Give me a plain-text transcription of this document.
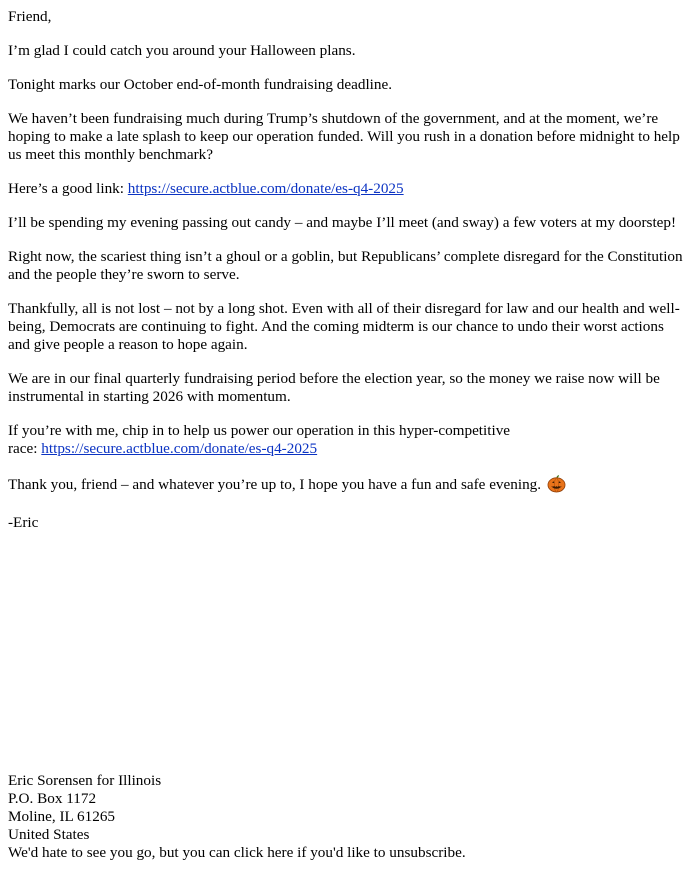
Friend,

I’m glad I could catch you around your Halloween plans.

Tonight marks our October end-of-month fundraising deadline.

We haven’t been fundraising much during Trump’s shutdown of the government, and at the moment, we’re hoping to make a late splash to keep our operation funded. Will you rush in a donation before midnight to help us meet this monthly benchmark?

Here’s a good link: https://secure.actblue.com/donate/es-q4-2025

I’ll be spending my evening passing out candy – and maybe I’ll meet (and sway) a few voters at my doorstep!

Right now, the scariest thing isn’t a ghoul or a goblin, but Republicans’ complete disregard for the Constitution and the people they’re sworn to serve.

Thankfully, all is not lost – not by a long shot. Even with all of their disregard for law and our health and well-being, Democrats are continuing to fight. And the coming midterm is our chance to undo their worst actions and give people a reason to hope again.

We are in our final quarterly fundraising period before the election year, so the money we raise now will be instrumental in starting 2026 with momentum.

If you’re with me, chip in to help us power our operation in this hyper-competitive
race: https://secure.actblue.com/donate/es-q4-2025

Thank you, friend – and whatever you’re up to, I hope you have a fun and safe evening.

-Eric

Eric Sorensen for Illinois
P.O. Box 1172
Moline, IL 61265
United States
We'd hate to see you go, but you can click here if you'd like to unsubscribe.
